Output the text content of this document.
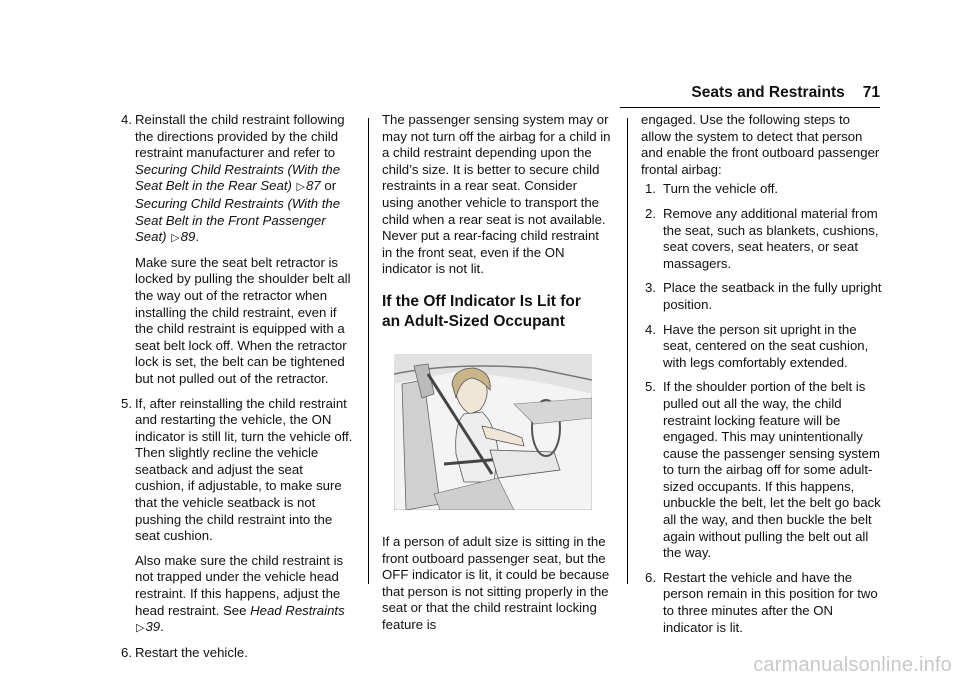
Seats and Restraints 71
4. Reinstall the child restraint following the directions provided by the child restraint manufacturer and refer to Securing Child Restraints (With the Seat Belt in the Rear Seat) ▷87 or Securing Child Restraints (With the Seat Belt in the Front Passenger Seat) ▷89.

Make sure the seat belt retractor is locked by pulling the shoulder belt all the way out of the retractor when installing the child restraint, even if the child restraint is equipped with a seat belt lock off. When the retractor lock is set, the belt can be tightened but not pulled out of the retractor.

5. If, after reinstalling the child restraint and restarting the vehicle, the ON indicator is still lit, turn the vehicle off. Then slightly recline the vehicle seatback and adjust the seat cushion, if adjustable, to make sure that the vehicle seatback is not pushing the child restraint into the seat cushion.

Also make sure the child restraint is not trapped under the vehicle head restraint. If this happens, adjust the head restraint. See Head Restraints ▷39.

6. Restart the vehicle.

The passenger sensing system may or may not turn off the airbag for a child in a child restraint depending upon the child’s size. It is better to secure child restraints in a rear seat. Consider using another vehicle to transport the child when a rear seat is not available. Never put a rear-facing child restraint in the front seat, even if the ON indicator is not lit.

If the Off Indicator Is Lit for an Adult-Sized Occupant

If a person of adult size is sitting in the front outboard passenger seat, but the OFF indicator is lit, it could be because that person is not sitting properly in the seat or that the child restraint locking feature is

engaged. Use the following steps to allow the system to detect that person and enable the front outboard passenger frontal airbag:

1. Turn the vehicle off.
2. Remove any additional material from the seat, such as blankets, cushions, seat covers, seat heaters, or seat massagers.
3. Place the seatback in the fully upright position.
4. Have the person sit upright in the seat, centered on the seat cushion, with legs comfortably extended.
5. If the shoulder portion of the belt is pulled out all the way, the child restraint locking feature will be engaged. This may unintentionally cause the passenger sensing system to turn the airbag off for some adult-sized occupants. If this happens, unbuckle the belt, let the belt go back all the way, and then buckle the belt again without pulling the belt out all the way.
6. Restart the vehicle and have the person remain in this position for two to three minutes after the ON indicator is lit.
carmanualsonline.info
